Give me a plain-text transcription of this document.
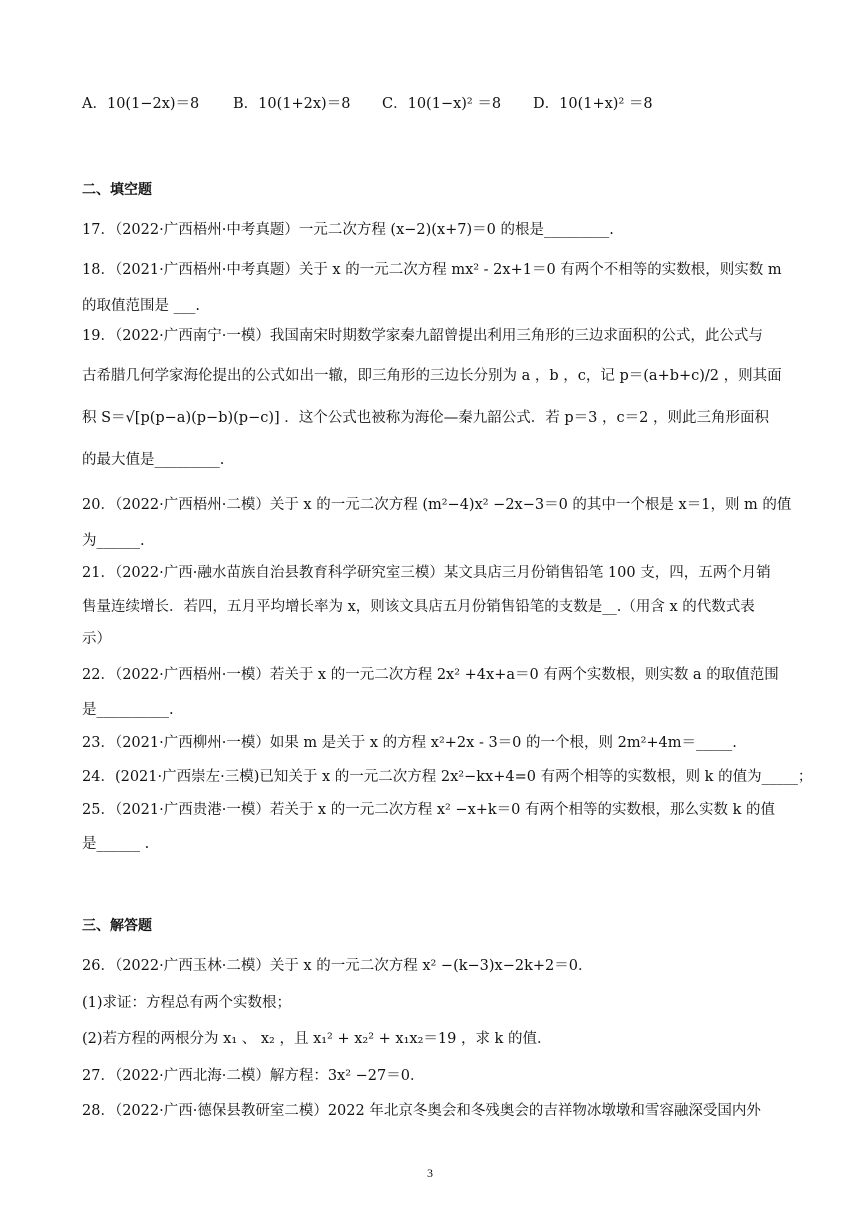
A．10(1−2x)＝8 B．10(1+2x)＝8 C．10(1−x)² ＝8 D．10(1+x)² ＝8
二、填空题
17．（2022·广西梧州·中考真题）一元二次方程 (x−2)(x+7)＝0 的根是_________.
18．（2021·广西梧州·中考真题）关于 x 的一元二次方程 mx² - 2x+1＝0 有两个不相等的实数根，则实数 m
的取值范围是 ___.
19．（2022·广西南宁·一模）我国南宋时期数学家秦九韶曾提出利用三角形的三边求面积的公式，此公式与
古希腊几何学家海伦提出的公式如出一辙，即三角形的三边长分别为 a ，b ，c，记 p＝(a+b+c)/2 ，则其面
积 S＝√[p(p−a)(p−b)(p−c)] ．这个公式也被称为海伦—秦九韶公式．若 p＝3 ，c＝2 ，则此三角形面积
的最大值是_________.
20．（2022·广西梧州·二模）关于 x 的一元二次方程 (m²−4)x² −2x−3＝0 的其中一个根是 x＝1，则 m 的值
为______.
21．（2022·广西·融水苗族自治县教育科学研究室三模）某文具店三月份销售铅笔 100 支，四，五两个月销
售量连续增长．若四，五月平均增长率为 x，则该文具店五月份销售铅笔的支数是__.（用含 x 的代数式表
示）
22．（2022·广西梧州·一模）若关于 x 的一元二次方程 2x² +4x+a＝0 有两个实数根，则实数 a 的取值范围
是__________.
23．（2021·广西柳州·一模）如果 m 是关于 x 的方程 x²+2x - 3＝0 的一个根，则 2m²+4m＝_____.
24．(2021·广西崇左·三模)已知关于 x 的一元二次方程 2x²−kx+4=0 有两个相等的实数根，则 k 的值为_____；
25．（2021·广西贵港·一模）若关于 x 的一元二次方程 x² −x+k＝0 有两个相等的实数根，那么实数 k 的值
是______ .
三、解答题
26．（2022·广西玉林·二模）关于 x 的一元二次方程 x² −(k−3)x−2k+2＝0．
(1)求证：方程总有两个实数根；
(2)若方程的两根分为 x₁ 、 x₂ ，且 x₁² + x₂² + x₁x₂＝19 ，求 k 的值．
27．（2022·广西北海·二模）解方程：3x² −27＝0．
28．（2022·广西·德保县教研室二模）2022 年北京冬奥会和冬残奥会的吉祥物冰墩墩和雪容融深受国内外
3
